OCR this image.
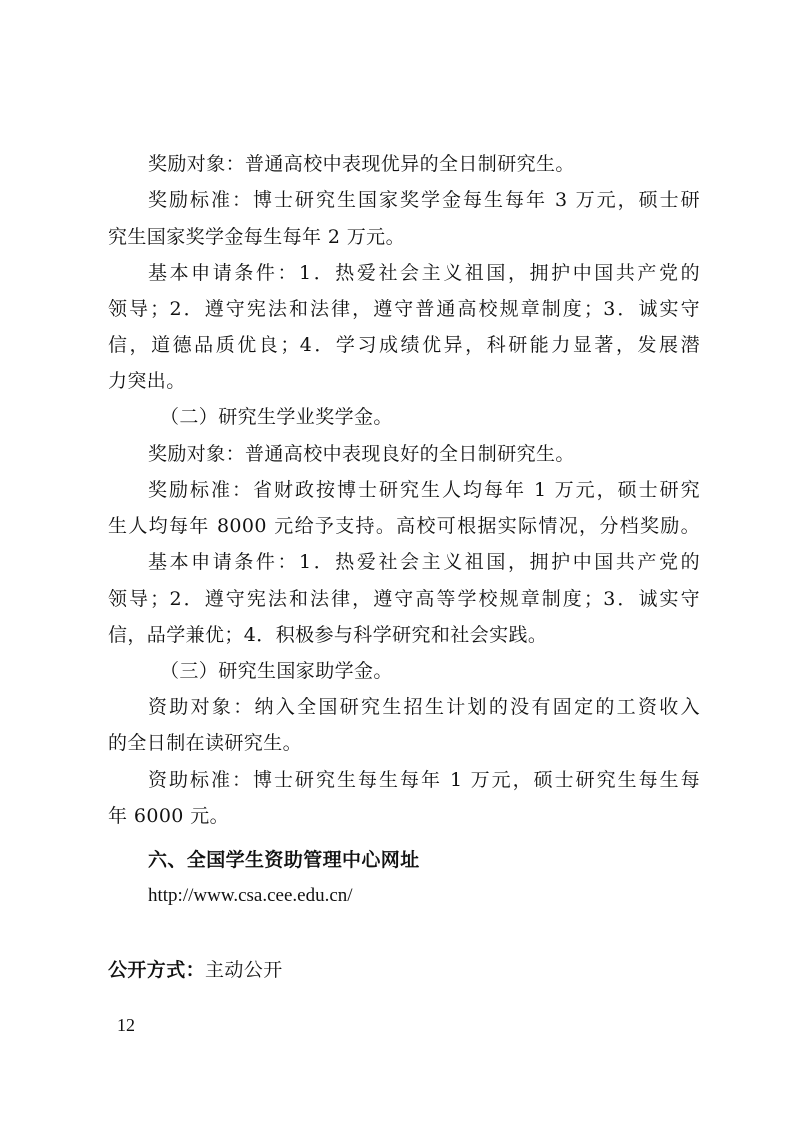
奖励对象：普通高校中表现优异的全日制研究生。
奖励标准：博士研究生国家奖学金每生每年 3 万元，硕士研
究生国家奖学金每生每年 2 万元。
基本申请条件：1．热爱社会主义祖国，拥护中国共产党的
领导；2．遵守宪法和法律，遵守普通高校规章制度；3．诚实守
信，道德品质优良；4．学习成绩优异，科研能力显著，发展潜
力突出。
（二）研究生学业奖学金。
奖励对象：普通高校中表现良好的全日制研究生。
奖励标准：省财政按博士研究生人均每年 1 万元，硕士研究
生人均每年 8000 元给予支持。高校可根据实际情况，分档奖励。
基本申请条件：1．热爱社会主义祖国，拥护中国共产党的
领导；2．遵守宪法和法律，遵守高等学校规章制度；3．诚实守
信，品学兼优；4．积极参与科学研究和社会实践。
（三）研究生国家助学金。
资助对象：纳入全国研究生招生计划的没有固定的工资收入
的全日制在读研究生。
资助标准：博士研究生每生每年 1 万元，硕士研究生每生每
年 6000 元。
六、全国学生资助管理中心网址
http://www.csa.cee.edu.cn/
公开方式：主动公开
12
